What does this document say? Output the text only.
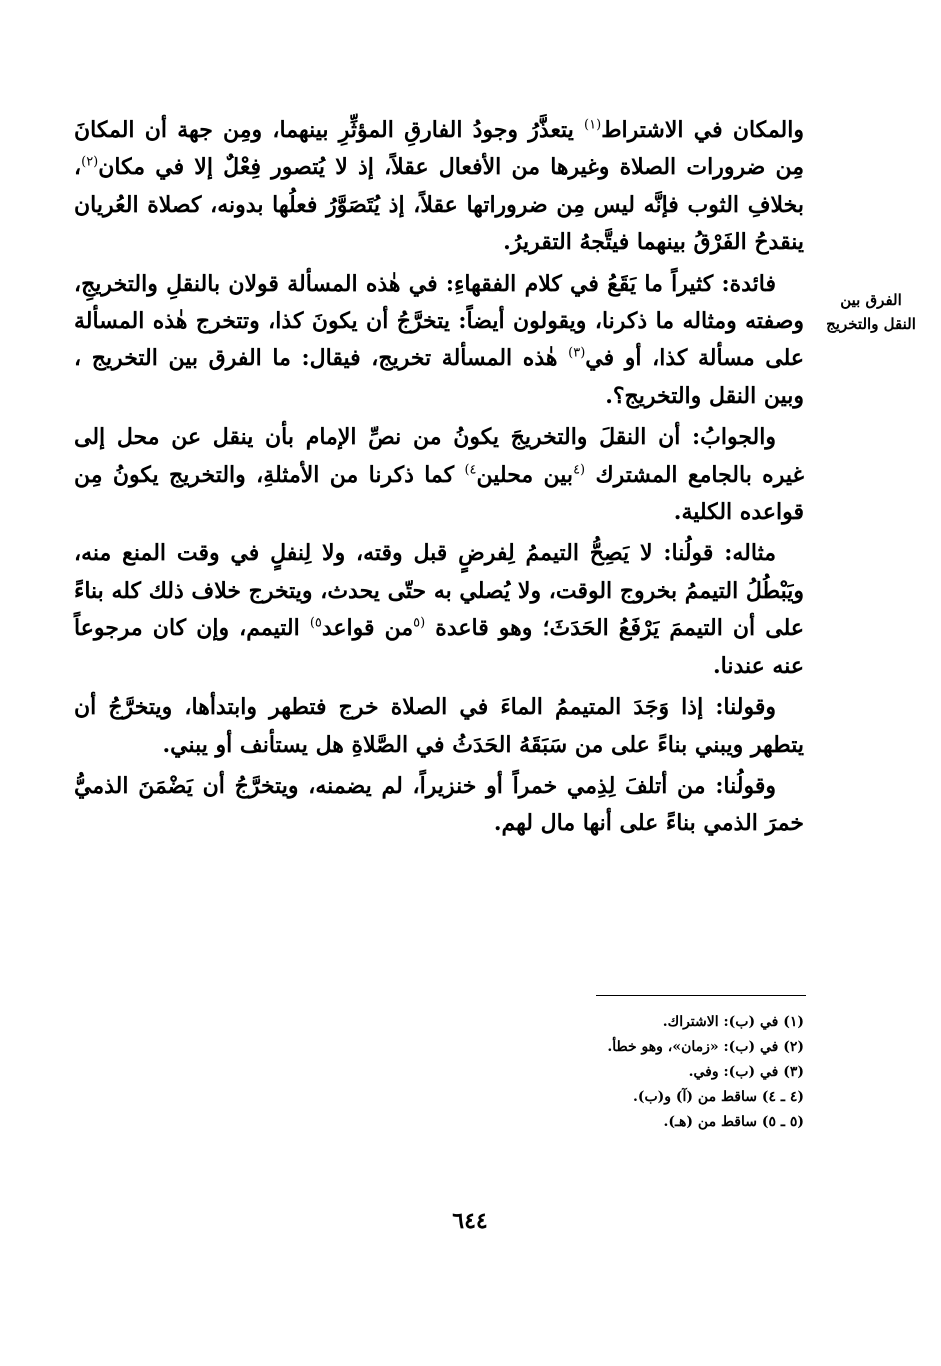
والمكان في الاشتراط$^{(١)}$ يتعذَّرُ وجودُ الفارقِ المؤثِّرِ بينهما، ومِن جهة أن المكانَ مِن ضرورات الصلاة وغيرها من الأفعال عقلاً، إذ لا يُتصور فِعْلٌ إلا في مكان$^{(٢)}$، بخلافِ الثوب فإنَّه ليس مِن ضروراتها عقلاً، إذ يُتَصَوَّرُ فعلُها بدونه، كصلاة العُريان ينقدحُ الفَرْقُ بينهما فيتَّجهُ التقريرُ.

فائدة: كثيراً ما يَقَعُ في كلام الفقهاءِ: في هٰذه المسألة قولان بالنقلِ والتخريجِ، وصفته ومثاله ما ذكرنا، ويقولون أيضاً: يتخرَّجُ أن يكونَ كذا، وتتخرج هٰذه المسألة على مسألة كذا، أو في$^{(٣)}$ هٰذه المسألة تخريج، فيقال: ما الفرق بين التخريج ، وبين النقل والتخريج؟.

والجوابُ: أن النقلَ والتخريجَ يكونُ من نصِّ الإمام بأن ينقل عن محل إلى غيره بالجامع المشترك $^{(٤}$بين محلين$^{٤)}$ كما ذكرنا من الأمثلةِ، والتخريج يكونُ مِن قواعده الكلية.

مثاله: قولُنا: لا يَصِحُّ التيممُ لِفرضٍ قبل وقته، ولا لِنفلٍ في وقت المنع منه، ويَبْطُلُ التيممُ بخروج الوقت، ولا يُصلي به حتّى يحدث، ويتخرج خلاف ذلك كله بناءً على أن التيممَ يَرْفَعُ الحَدَثَ؛ وهو قاعدة $^{(٥}$من قواعد$^{٥)}$ التيمم، وإن كان مرجوعاً عنه عندنا.

وقولنا: إذا وَجَدَ المتيممُ الماءَ في الصلاة خرج فتطهر وابتدأها، ويتخرَّجُ أن يتطهر ويبني بناءً على من سَبَقَهُ الحَدَثُ في الصَّلاةِ هل يستأنف أو يبني.

وقولُنا: من أتلفَ لِذِمي خمراً أو خنزيراً، لم يضمنه، ويتخرَّجُ أن يَضْمَنَ الذميُّ خمرَ الذمي بناءً على أنها مال لهم.

الفرق بين
النقل والتخريج
(١) في (ب): الاشتراك.
(٢) في (ب): «زمان»، وهو خطأ.
(٣) في (ب): وفي.
(٤ ـ ٤) ساقط من (آ) و(ب).
(٥ ـ ٥) ساقط من (هـ).
٦٤٤
